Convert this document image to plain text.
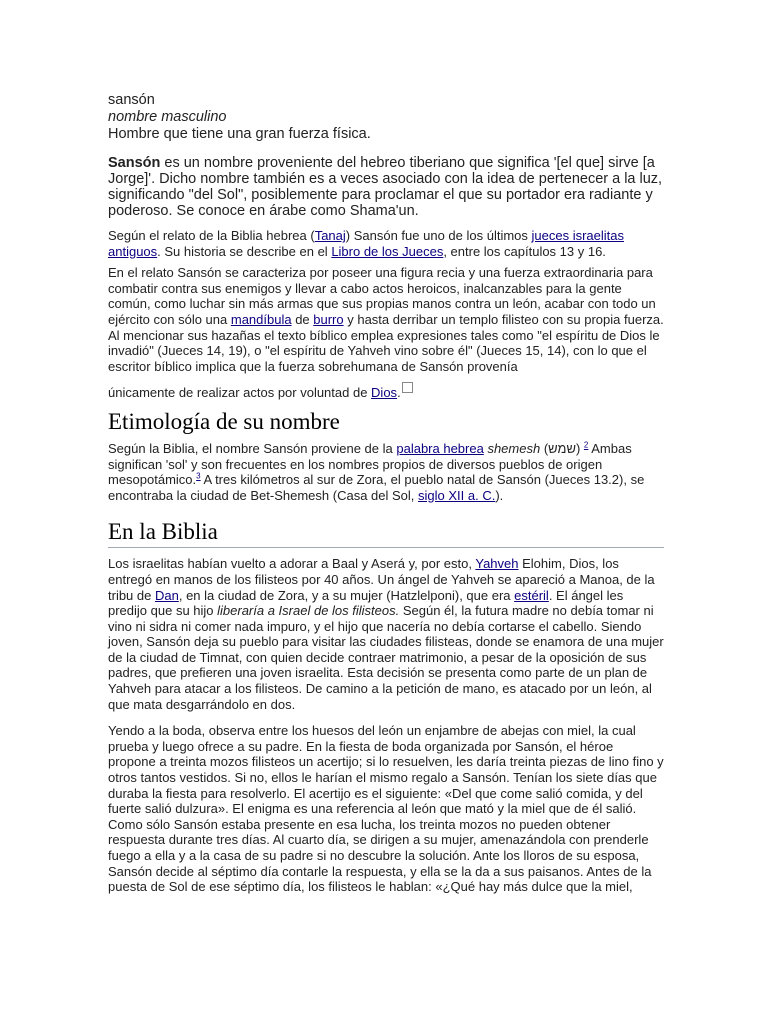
sansón
nombre masculino
Hombre que tiene una gran fuerza física.
Sansón es un nombre proveniente del hebreo tiberiano que significa '[el que] sirve [a Jorge]'. Dicho nombre también es a veces asociado con la idea de pertenecer a la luz, significando "del Sol", posiblemente para proclamar el que su portador era radiante y poderoso. Se conoce en árabe como Shama'un.

Según el relato de la Biblia hebrea (Tanaj) Sansón fue uno de los últimos jueces israelitas antiguos. Su historia se describe en el Libro de los Jueces, entre los capítulos 13 y 16.

En el relato Sansón se caracteriza por poseer una figura recia y una fuerza extraordinaria para combatir contra sus enemigos y llevar a cabo actos heroicos, inalcanzables para la gente común, como luchar sin más armas que sus propias manos contra un león, acabar con todo un ejército con sólo una mandíbula de burro y hasta derribar un templo filisteo con su propia fuerza. Al mencionar sus hazañas el texto bíblico emplea expresiones tales como "el espíritu de Dios le invadió" (Jueces 14, 19), o "el espíritu de Yahveh vino sobre él" (Jueces 15, 14), con lo que el escritor bíblico implica que la fuerza sobrehumana de Sansón provenía
únicamente de realizar actos por voluntad de Dios.

Etimología de su nombre

Según la Biblia, el nombre Sansón proviene de la palabra hebrea shemesh (שמש) $^2$ Ambas significan 'sol' y son frecuentes en los nombres propios de diversos pueblos de origen mesopotámico.$^3$ A tres kilómetros al sur de Zora, el pueblo natal de Sansón (Jueces 13.2), se encontraba la ciudad de Bet-Shemesh (Casa del Sol, siglo XII a. C.).

En la Biblia

Los israelitas habían vuelto a adorar a Baal y Aserá y, por esto, Yahveh Elohim, Dios, los entregó en manos de los filisteos por 40 años. Un ángel de Yahveh se apareció a Manoa, de la tribu de Dan, en la ciudad de Zora, y a su mujer (Hatzlelponi), que era estéril. El ángel les predijo que su hijo liberaría a Israel de los filisteos. Según él, la futura madre no debía tomar ni vino ni sidra ni comer nada impuro, y el hijo que nacería no debía cortarse el cabello. Siendo joven, Sansón deja su pueblo para visitar las ciudades filisteas, donde se enamora de una mujer de la ciudad de Timnat, con quien decide contraer matrimonio, a pesar de la oposición de sus padres, que prefieren una joven israelita. Esta decisión se presenta como parte de un plan de Yahveh para atacar a los filisteos. De camino a la petición de mano, es atacado por un león, al que mata desgarrándolo en dos.

Yendo a la boda, observa entre los huesos del león un enjambre de abejas con miel, la cual prueba y luego ofrece a su padre. En la fiesta de boda organizada por Sansón, el héroe propone a treinta mozos filisteos un acertijo; si lo resuelven, les daría treinta piezas de lino fino y otros tantos vestidos. Si no, ellos le harían el mismo regalo a Sansón. Tenían los siete días que duraba la fiesta para resolverlo. El acertijo es el siguiente: «Del que come salió comida, y del fuerte salió dulzura». El enigma es una referencia al león que mató y la miel que de él salió. Como sólo Sansón estaba presente en esa lucha, los treinta mozos no pueden obtener respuesta durante tres días. Al cuarto día, se dirigen a su mujer, amenazándola con prenderle fuego a ella y a la casa de su padre si no descubre la solución. Ante los lloros de su esposa, Sansón decide al séptimo día contarle la respuesta, y ella se la da a sus paisanos. Antes de la puesta de Sol de ese séptimo día, los filisteos le hablan: «¿Qué hay más dulce que la miel,
